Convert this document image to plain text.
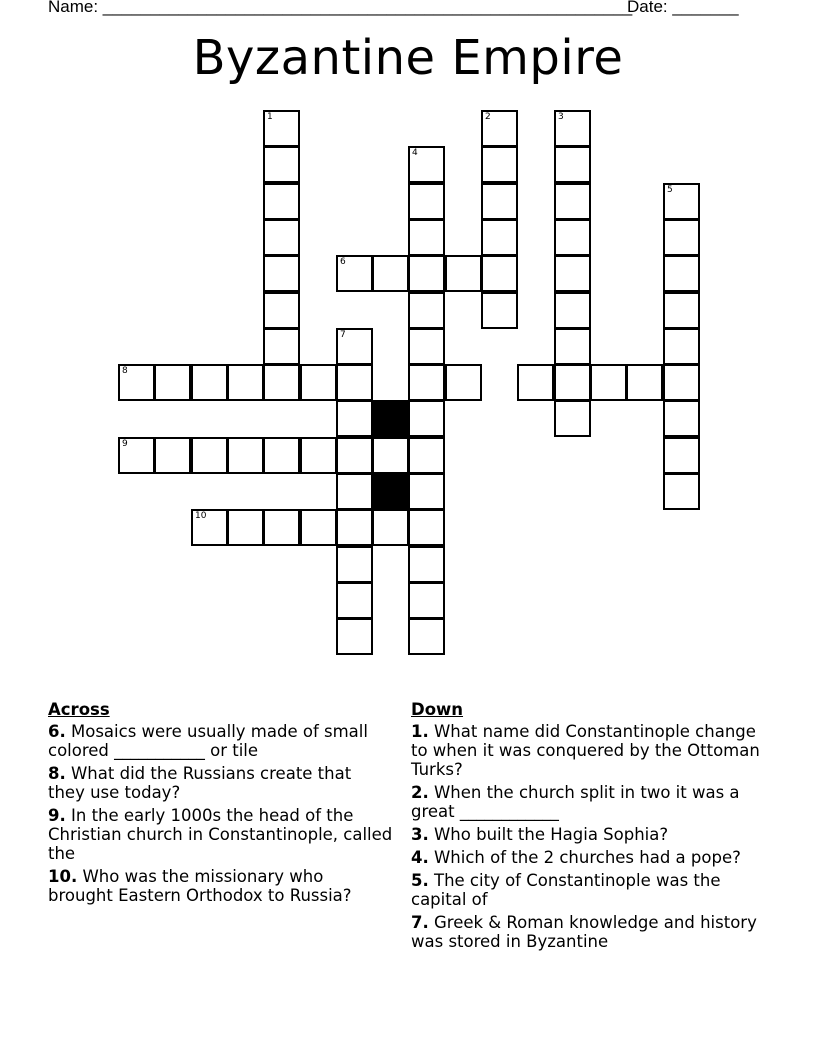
Name: ________________________________________________________
Date: _______
Byzantine Empire
1	2	3
4
5
6
7
8
9
10
Across
6. Mosaics were usually made of small colored ___________ or tile
8. What did the Russians create that they use today?
9. In the early 1000s the head of the Christian church in Constantinople, called the
10. Who was the missionary who brought Eastern Orthodox to Russia?
Down
1. What name did Constantinople change to when it was conquered by the Ottoman Turks?
2. When the church split in two it was a great ____________
3. Who built the Hagia Sophia?
4. Which of the 2 churches had a pope?
5. The city of Constantinople was the capital of
7. Greek & Roman knowledge and history was stored in Byzantine
